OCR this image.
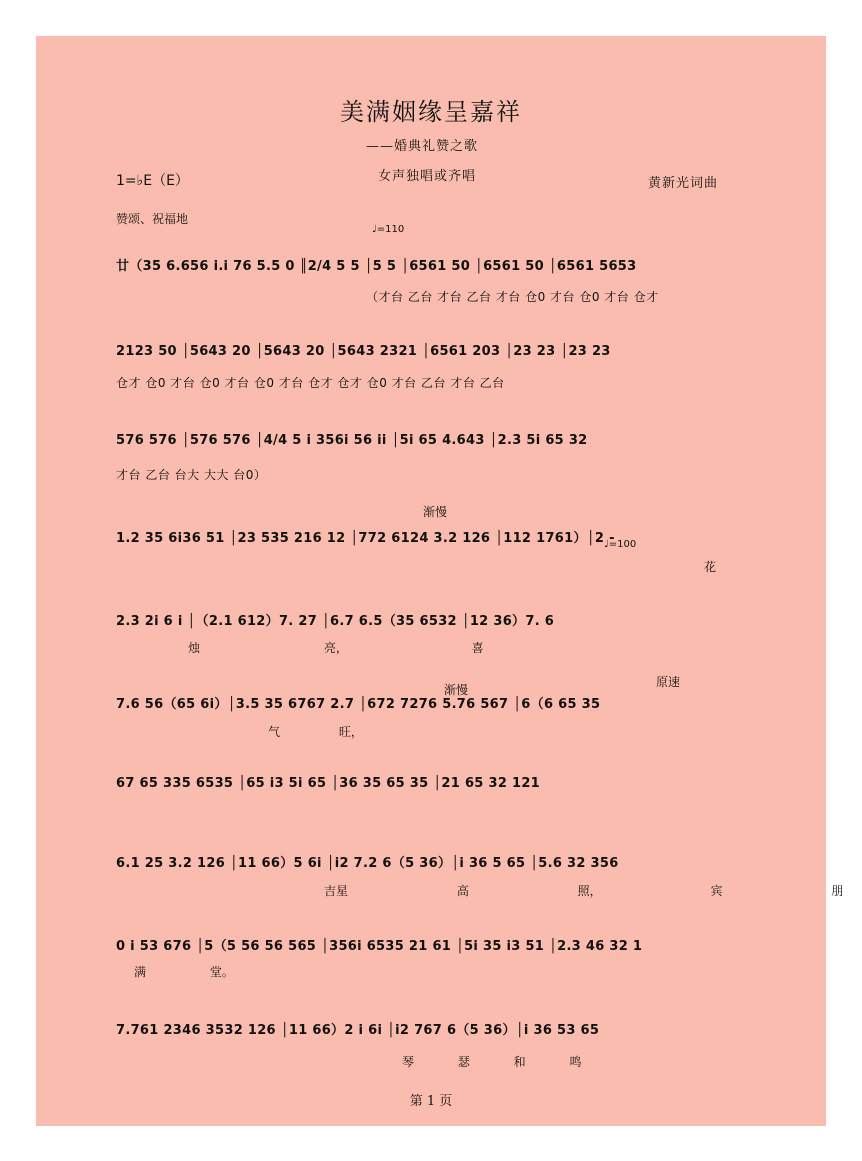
美满姻缘呈嘉祥
——婚典礼赞之歌
1=♭E（E）	女声独唱或齐唱	黄新光词曲
赞颂、祝福地
♩=110
♩=100
渐慢
渐慢
原速
廿（35 6.656 i.i 76 5.5 0 ║2/4 5 5 │5 5 │6561 50 │6561 50 │6561 5653
（才台 乙台 才台 乙台 才台 仓0 才台 仓0 才台 仓才
2123 50 │5643 20 │5643 20 │5643 2321 │6561 203 │23 23 │23 23
仓才 仓0 才台 仓0 才台 仓0 才台 仓才 仓才 仓0 才台 乙台 才台 乙台
576 576 │576 576 │4/4 5 i 356i 56 ii │5i 65 4.643 │2.3 5i 65 32
才台 乙台 台大 大大 台0）
1.2 35 6i36 51 │23 535 216 12 │772 6124 3.2 126 │112 1761）│2 -
花
2.3 2i 6 i │（2.1 612）7. 27 │6.7 6.5（35 6532 │12 36）7. 6
烛 亮， 喜
7.6 56（65 6i）│3.5 35 6767 2.7 │672 7276 5.76 567 │6（6 65 35
气 旺，
67 65 335 6535 │65 i3 5i 65 │36 35 65 35 │21 65 32 121
6.1 25 3.2 126 │11 66）5 6i │i2 7.2 6（5 36）│i 36 5 65 │5.6 32 356
吉星 高 照， 宾 朋
0 i 53 676 │5（5 56 56 565 │356i 6535 21 61 │5i 35 i3 51 │2.3 46 32 1
满 堂。
7.761 2346 3532 126 │11 66）2 i 6i │i2 767 6（5 36）│i 36 53 65
琴 瑟 和 鸣
第 1 页
